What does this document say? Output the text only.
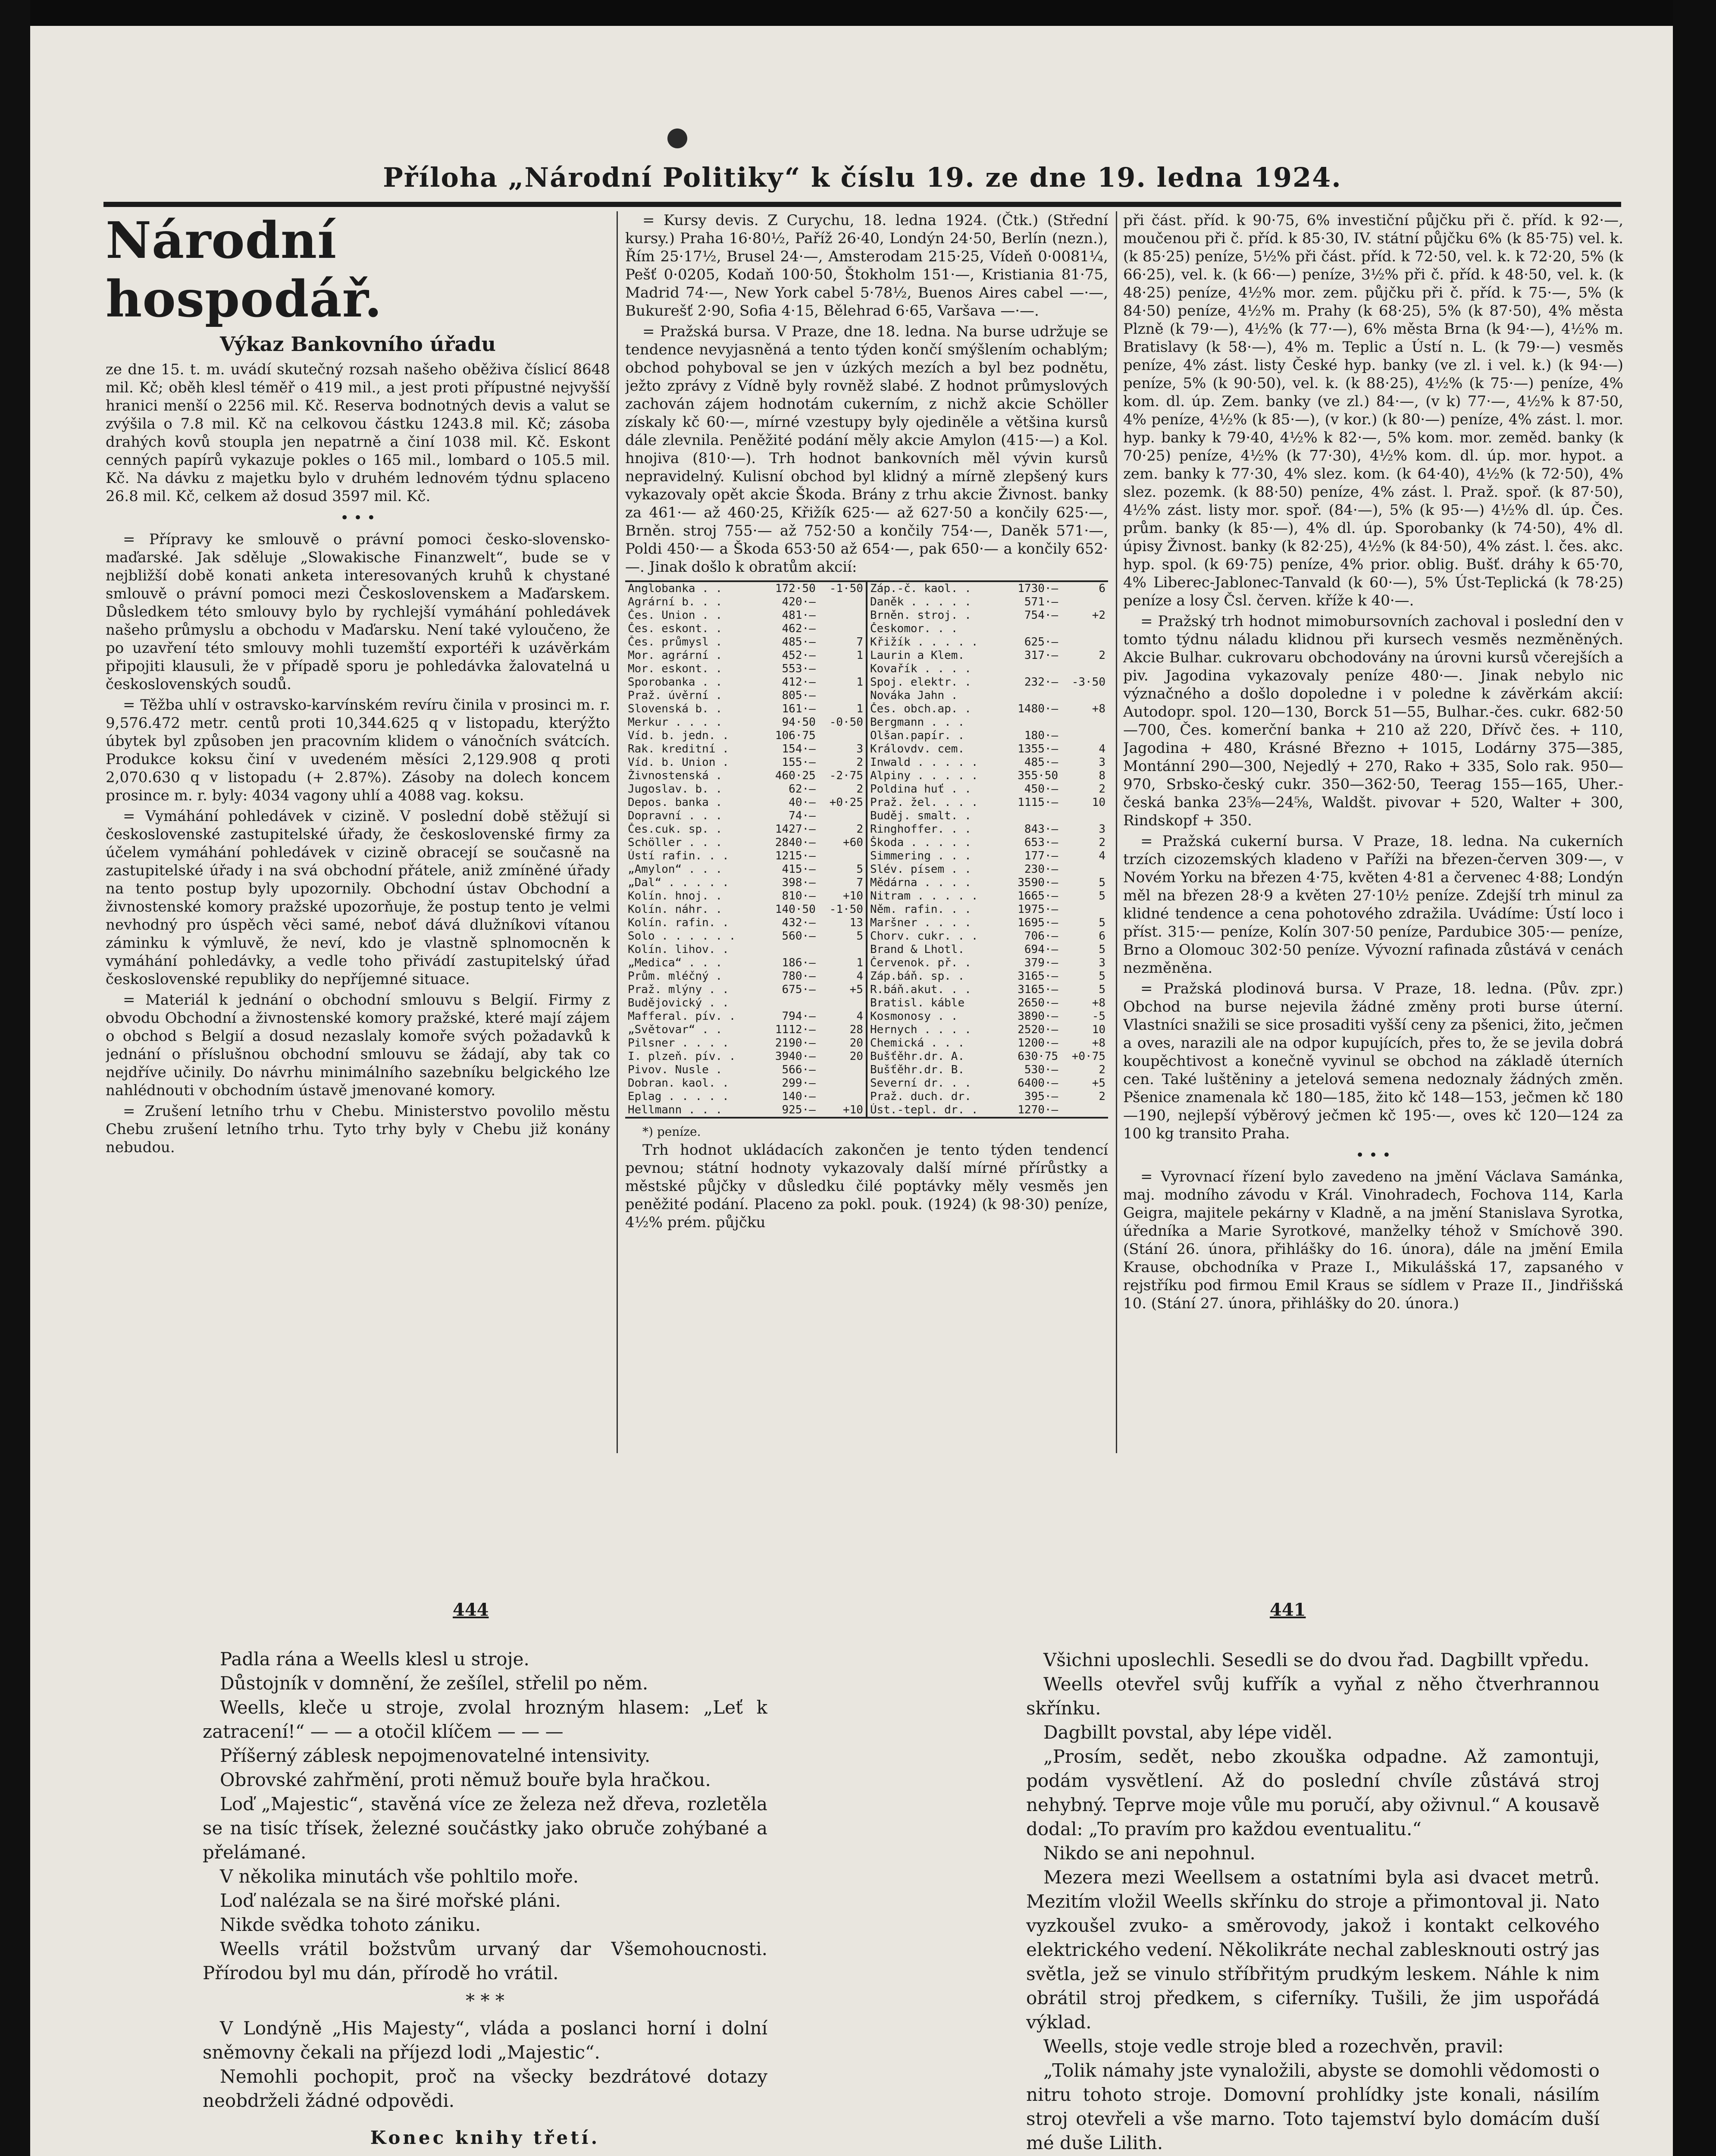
Příloha „Národní Politiky“ k číslu 19. ze dne 19. ledna 1924.
Národní hospodář.
Výkaz Bankovního úřadu

ze dne 15. t. m. uvádí skutečný rozsah našeho oběživa číslicí 8648 mil. Kč; oběh klesl téměř o 419 mil., a jest proti přípustné nejvyšší hranici menší o 2256 mil. Kč. Reserva bodnotných devis a valut se zvýšila o 7.8 mil. Kč na celkovou částku 1243.8 mil. Kč; zásoba drahých kovů stoupla jen nepatrně a činí 1038 mil. Kč. Eskont cenných papírů vykazuje pokles o 165 mil., lombard o 105.5 mil. Kč. Na dávku z majetku bylo v druhém lednovém týdnu splaceno 26.8 mil. Kč, celkem až dosud 3597 mil. Kč.

• • •

= Přípravy ke smlouvě o právní pomoci česko-slovensko-maďarské. Jak sděluje „Slowakische Finanzwelt“, bude se v nejbližší době konati anketa interesovaných kruhů k chystané smlouvě o právní pomoci mezi Československem a Maďarskem. Důsledkem této smlouvy bylo by rychlejší vymáhání pohledávek našeho průmyslu a obchodu v Maďarsku. Není také vyloučeno, že po uzavření této smlouvy mohli tuzemští exportéři k uzávěrkám připojiti klausuli, že v případě sporu je pohledávka žalovatelná u československých soudů.

= Těžba uhlí v ostravsko-karvínském revíru činila v prosinci m. r. 9,576.472 metr. centů proti 10,344.625 q v listopadu, kterýžto úbytek byl způsoben jen pracovním klidem o vánočních svátcích. Produkce koksu činí v uvedeném měsíci 2,129.908 q proti 2,070.630 q v listopadu (+ 2.87%). Zásoby na dolech koncem prosince m. r. byly: 4034 vagony uhlí a 4088 vag. koksu.

= Vymáhání pohledávek v cizině. V poslední době stěžují si československé zastupitelské úřady, že československé firmy za účelem vymáhání pohledávek v cizině obracejí se současně na zastupitelské úřady i na svá obchodní přátele, aniž zmíněné úřady na tento postup byly upozornily. Obchodní ústav Obchodní a živnostenské komory pražské upozorňuje, že postup tento je velmi nevhodný pro úspěch věci samé, neboť dává dlužníkovi vítanou záminku k výmluvě, že neví, kdo je vlastně splnomocněn k vymáhání pohledávky, a vedle toho přivádí zastupitelský úřad československé republiky do nepříjemné situace.

= Materiál k jednání o obchodní smlouvu s Belgií. Firmy z obvodu Obchodní a živnostenské komory pražské, které mají zájem o obchod s Belgií a dosud nezaslaly komoře svých požadavků k jednání o příslušnou obchodní smlouvu se žádají, aby tak co nejdříve učinily. Do návrhu minimálního sazebníku belgického lze nahlédnouti v obchodním ústavě jmenované komory.

= Zrušení letního trhu v Chebu. Ministerstvo povolilo městu Chebu zrušení letního trhu. Tyto trhy byly v Chebu již konány nebudou.

= Kursy devis. Z Curychu, 18. ledna 1924. (Čtk.) (Střední kursy.) Praha 16·80½, Paříž 26·40, Londýn 24·50, Berlín (nezn.), Řím 25·17½, Brusel 24·—, Amsterodam 215·25, Vídeň 0·0081¼, Pešť 0·0205, Kodaň 100·50, Štokholm 151·—, Kristiania 81·75, Madrid 74·—, New York cabel 5·78½, Buenos Aires cabel —·—, Bukurešť 2·90, Sofia 4·15, Bělehrad 6·65, Varšava —·—.

= Pražská bursa. V Praze, dne 18. ledna. Na burse udržuje se tendence nevyjasněná a tento týden končí smýšlením ochablým; obchod pohyboval se jen v úzkých mezích a byl bez podnětu, ježto zprávy z Vídně byly rovněž slabé. Z hodnot průmyslových zachován zájem hodnotám cukerním, z nichž akcie Schöller získaly kč 60·—, mírné vzestupy byly ojediněle a většina kursů dále zlevnila. Peněžité podání měly akcie Amylon (415·—) a Kol. hnojiva (810·—). Trh hodnot bankovních měl vývin kursů nepravidelný. Kulisní obchod byl klidný a mírně zlepšený kurs vykazovaly opět akcie Škoda. Brány z trhu akcie Živnost. banky za 461·— až 460·25, Křižík 625·— až 627·50 a končily 625·—, Brněn. stroj 755·— až 752·50 a končily 754·—, Daněk 571·—, Poldi 450·— a Škoda 653·50 až 654·—, pak 650·— a končily 652·—. Jinak došlo k obratům akcií:

Anglobanka . .	172·50	-1·50	Záp.-č. kaol. .	1730·—	6
Agrární b. . .	420·—		Daněk . . . . .	571·—	
Čes. Union . .	481·—		Brněn. stroj. .	754·—	+2
Čes. eskont. .	462·—		Českomor. . .		
Čes. průmysl .	485·—	7	Křižík . . . . .	625·—	
Mor. agrární .	452·—	1	Laurin a Klem.	317·—	2
Mor. eskont. .	553·—		Kovařík . . . .		
Sporobanka . .	412·—	1	Spoj. elektr. .	232·—	-3·50
Praž. úvěrní .	805·—		Nováka Jahn .		
Slovenská b. .	161·—	1	Čes. obch.ap. .	1480·—	+8
Merkur . . . .	94·50	-0·50	Bergmann . . .		
Víd. b. jedn. .	106·75		Olšan.papír. .	180·—	
Rak. kreditní .	154·—	3	Královdv. cem.	1355·—	4
Víd. b. Union .	155·—	2	Inwald . . . . .	485·—	3
Živnostenská .	460·25	-2·75	Alpiny . . . . .	355·50	8
Jugoslav. b. .	62·—	2	Poldina huť . .	450·—	2
Depos. banka .	40·—	+0·25	Praž. žel. . . .	1115·—	10
Dopravní . . .	74·—		Buděj. smalt. .		
Čes.cuk. sp. .	1427·—	2	Ringhoffer. . .	843·—	3
Schöller . . .	2840·—	+60	Škoda . . . . .	653·—	2
Ústí rafin. . .	1215·—		Simmering . . .	177·—	4
„Amylon“ . . .	415·—	5	Slév. písem . .	230·—	
„Dal“ . . . . .	398·—	7	Mědárna . . . .	3590·—	5
Kolín. hnoj. .	810·—	+10	Nitram . . . . .	1665·—	5
Kolín. náhr. .	140·50	-1·50	Něm. rafin. . .	1975·—	
Kolín. rafin. .	432·—	13	Maršner . . . .	1695·—	5
Solo . . . . . .	560·—	5	Chorv. cukr. . .	706·—	6
Kolín. lihov. .			Brand & Lhotl.	694·—	5
„Medica“ . . .	186·—	1	Červenok. př. .	379·—	3
Prům. mléčný .	780·—	4	Záp.báň. sp. .	3165·—	5
Praž. mlýny . .	675·—	+5	R.báň.akut. . .	3165·—	5
Budějovický . .			Bratisl. káble	2650·—	+8
Mafferal. pív. .	794·—	4	Kosmonosy . .	3890·—	-5
„Světovar“ . .	1112·—	28	Hernych . . . .	2520·—	10
Pilsner . . . .	2190·—	20	Chemická . . .	1200·—	+8
I. plzeň. pív. .	3940·—	20	Bušťěhr.dr. A.	630·75	+0·75
Pivov. Nusle .	566·—		Bušťěhr.dr. B.	530·—	2
Dobran. kaol. .	299·—		Severní dr. . .	6400·—	+5
Eplag . . . . .	140·—		Praž. duch. dr.	395·—	2
Hellmann . . .	925·—	+10	Úst.-tepl. dr. .	1270·—	
*) peníze.

Trh hodnot ukládacích zakončen je tento týden tendencí pevnou; státní hodnoty vykazovaly další mírné přírůstky a městské půjčky v důsledku čilé poptávky měly vesměs jen peněžité podání. Placeno za pokl. pouk. (1924) (k 98·30) peníze, 4½% prém. půjčku

při část. příd. k 90·75, 6% investiční půjčku při č. příd. k 92·—, moučenou při č. příd. k 85·30, IV. státní půjčku 6% (k 85·75) vel. k. (k 85·25) peníze, 5½% při část. příd. k 72·50, vel. k. k 72·20, 5% (k 66·25), vel. k. (k 66·—) peníze, 3½% při č. příd. k 48·50, vel. k. (k 48·25) peníze, 4½% mor. zem. půjčku při č. příd. k 75·—, 5% (k 84·50) peníze, 4½% m. Prahy (k 68·25), 5% (k 87·50), 4% města Plzně (k 79·—), 4½% (k 77·—), 6% města Brna (k 94·—), 4½% m. Bratislavy (k 58·—), 4% m. Teplic a Ústí n. L. (k 79·—) vesměs peníze, 4% zást. listy České hyp. banky (ve zl. i vel. k.) (k 94·—) peníze, 5% (k 90·50), vel. k. (k 88·25), 4½% (k 75·—) peníze, 4% kom. dl. úp. Zem. banky (ve zl.) 84·—, (v k) 77·—, 4½% k 87·50, 4% peníze, 4½% (k 85·—), (v kor.) (k 80·—) peníze, 4% zást. l. mor. hyp. banky k 79·40, 4½% k 82·—, 5% kom. mor. zeměd. banky (k 70·25) peníze, 4½% (k 77·30), 4½% kom. dl. úp. mor. hypot. a zem. banky k 77·30, 4% slez. kom. (k 64·40), 4½% (k 72·50), 4% slez. pozemk. (k 88·50) peníze, 4% zást. l. Praž. spoř. (k 87·50), 4½% zást. listy mor. spoř. (84·—), 5% (k 95·—) 4½% dl. úp. Čes. prům. banky (k 85·—), 4% dl. úp. Sporobanky (k 74·50), 4% dl. úpisy Živnost. banky (k 82·25), 4½% (k 84·50), 4% zást. l. čes. akc. hyp. spol. (k 69·75) peníze, 4% prior. oblig. Bušť. dráhy k 65·70, 4% Liberec-Jablonec-Tanvald (k 60·—), 5% Úst-Teplická (k 78·25) peníze a losy Čsl. červen. kříže k 40·—.

= Pražský trh hodnot mimobursovních zachoval i poslední den v tomto týdnu náladu klidnou při kursech vesměs nezměněných. Akcie Bulhar. cukrovaru obchodovány na úrovni kursů včerejších a piv. Jagodina vykazovaly peníze 480·—. Jinak nebylo nic význačného a došlo dopoledne i v poledne k závěrkám akcií: Autodopr. spol. 120—130, Borck 51—55, Bulhar.-čes. cukr. 682·50—700, Čes. komerční banka + 210 až 220, Dřívč čes. + 110, Jagodina + 480, Krásné Březno + 1015, Lodárny 375—385, Montánní 290—300, Nejedlý + 270, Rako + 335, Solo rak. 950—970, Srbsko-český cukr. 350—362·50, Teerag 155—165, Uher.-česká banka 23⅝—24⅝, Waldšt. pivovar + 520, Walter + 300, Rindskopf + 350.

= Pražská cukerní bursa. V Praze, 18. ledna. Na cukerních trzích cizozemských kladeno v Paříži na březen-červen 309·—, v Novém Yorku na březen 4·75, květen 4·81 a červenec 4·88; Londýn měl na březen 28·9 a květen 27·10½ peníze. Zdejší trh minul za klidné tendence a cena pohotového zdražila. Uvádíme: Ústí loco i příst. 315·— peníze, Kolín 307·50 peníze, Pardubice 305·— peníze, Brno a Olomouc 302·50 peníze. Vývozní rafinada zůstává v cenách nezměněna.

= Pražská plodinová bursa. V Praze, 18. ledna. (Pův. zpr.) Obchod na burse nejevila žádné změny proti burse úterní. Vlastníci snažili se sice prosaditi vyšší ceny za pšenici, žito, ječmen a oves, narazili ale na odpor kupujících, přes to, že se jevila dobrá koupěchtivost a konečně vyvinul se obchod na základě úterních cen. Také luštěniny a jetelová semena nedoznaly žádných změn. Pšenice znamenala kč 180—185, žito kč 148—153, ječmen kč 180—190, nejlepší výběrový ječmen kč 195·—, oves kč 120—124 za 100 kg transito Praha.

• • •

= Vyrovnací řízení bylo zavedeno na jmění Václava Samánka, maj. modního závodu v Král. Vinohradech, Fochova 114, Karla Geigra, majitele pekárny v Kladně, a na jmění Stanislava Syrotka, úředníka a Marie Syrotkové, manželky téhož v Smíchově 390. (Stání 26. února, přihlášky do 16. února), dále na jmění Emila Krause, obchodníka v Praze I., Mikulášská 17, zapsaného v rejstříku pod firmou Emil Kraus se sídlem v Praze II., Jindřišská 10. (Stání 27. února, přihlášky do 20. února.)

444	441

Padla rána a Weells klesl u stroje.

Důstojník v domnění, že zešílel, střelil po něm.

Weells, kleče u stroje, zvolal hrozným hlasem: „Leť k zatracení!“ — — a otočil klíčem — — —

Příšerný záblesk nepojmenovatelné intensivity.

Obrovské zahřmění, proti němuž bouře byla hračkou.

Loď „Majestic“, stavěná více ze železa než dřeva, rozletěla se na tisíc třísek, železné součástky jako obruče zohýbané a přelámané.

V několika minutách vše pohltilo moře.

Loď nalézala se na širé mořské pláni.

Nikde svědka tohoto zániku.

Weells vrátil božstvům urvaný dar Všemohoucnosti. Přírodou byl mu dán, přírodě ho vrátil.

* * *

V Londýně „His Majesty“, vláda a poslanci horní i dolní sněmovny čekali na příjezd lodi „Majestic“.

Nemohli pochopit, proč na všecky bezdrátové dotazy neobdrželi žádné odpovědi.

Konec knihy třetí.

Všichni uposlechli. Sesedli se do dvou řad. Dagbillt vpředu.

Weells otevřel svůj kufřík a vyňal z něho čtverhrannou skřínku.

Dagbillt povstal, aby lépe viděl.

„Prosím, sedět, nebo zkouška odpadne. Až zamontuji, podám vysvětlení. Až do poslední chvíle zůstává stroj nehybný. Teprve moje vůle mu poručí, aby oživnul.“ A kousavě dodal: „To pravím pro každou eventualitu.“

Nikdo se ani nepohnul.

Mezera mezi Weellsem a ostatními byla asi dvacet metrů. Mezitím vložil Weells skřínku do stroje a přimontoval ji. Nato vyzkoušel zvuko- a směrovody, jakož i kontakt celkového elektrického vedení. Několikráte nechal zablesknouti ostrý jas světla, jež se vinulo stříbřitým prudkým leskem. Náhle k nim obrátil stroj předkem, s ciferníky. Tušili, že jim uspořádá výklad.

Weells, stoje vedle stroje bled a rozechvěn, pravil:

„Tolik námahy jste vynaložili, abyste se domohli vědomosti o nitru tohoto stroje. Domovní prohlídky jste konali, násilím stroj otevřeli a vše marno. Toto tajemství bylo domácím duší mé duše Lilith.
